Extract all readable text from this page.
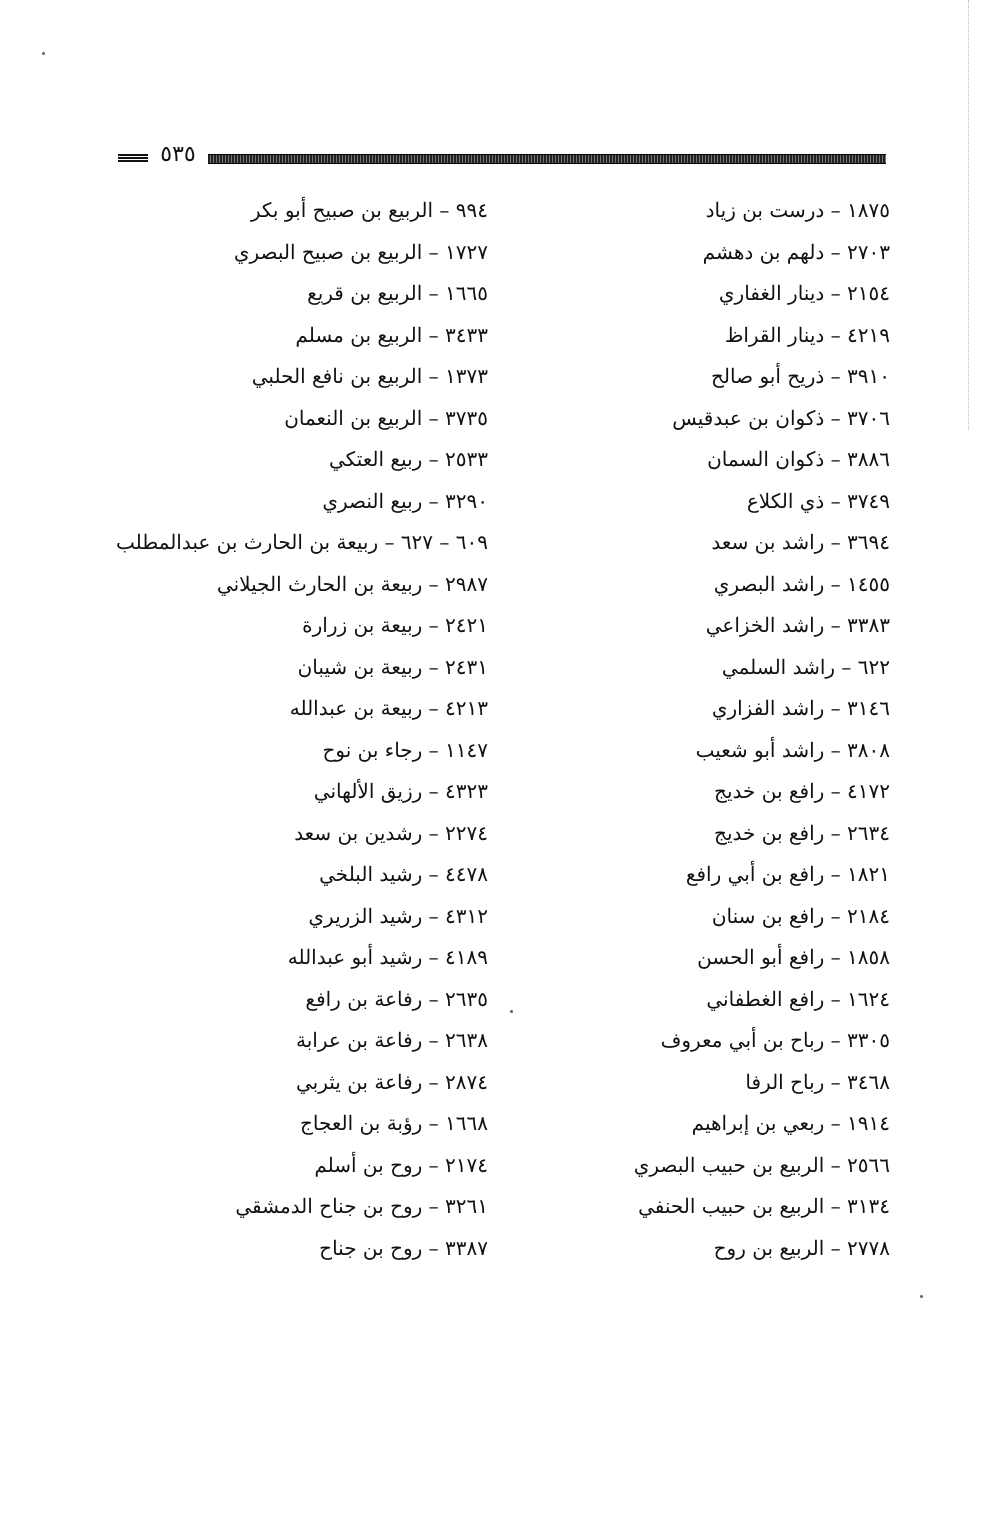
٥٣٥
١٨٧٥ – درست بن زياد
٢٧٠٣ – دلهم بن دهشم
٢١٥٤ – دينار الغفاري
٤٢١٩ – دينار القراظ
٣٩١٠ – ذريح أبو صالح
٣٧٠٦ – ذكوان بن عبدقيس
٣٨٨٦ – ذكوان السمان
٣٧٤٩ – ذي الكلاع
٣٦٩٤ – راشد بن سعد
١٤٥٥ – راشد البصري
٣٣٨٣ – راشد الخزاعي
٦٢٢ – راشد السلمي
٣١٤٦ – راشد الفزاري
٣٨٠٨ – راشد أبو شعيب
٤١٧٢ – رافع بن خديج
٢٦٣٤ – رافع بن خديج
١٨٢١ – رافع بن أبي رافع
٢١٨٤ – رافع بن سنان
١٨٥٨ – رافع أبو الحسن
١٦٢٤ – رافع الغطفاني
٣٣٠٥ – رباح بن أبي معروف
٣٤٦٨ – رباح الرفا
١٩١٤ – ربعي بن إبراهيم
٢٥٦٦ – الربيع بن حبيب البصري
٣١٣٤ – الربيع بن حبيب الحنفي
٢٧٧٨ – الربيع بن روح
٩٩٤ – الربيع بن صبيح أبو بكر
١٧٢٧ – الربيع بن صبيح البصري
١٦٦٥ – الربيع بن قريع
٣٤٣٣ – الربيع بن مسلم
١٣٧٣ – الربيع بن نافع الحلبي
٣٧٣٥ – الربيع بن النعمان
٢٥٣٣ – ربيع العتكي
٣٢٩٠ – ربيع النصري
٦٠٩ – ٦٢٧ – ربيعة بن الحارث بن عبدالمطلب
٢٩٨٧ – ربيعة بن الحارث الجيلاني
٢٤٢١ – ربيعة بن زرارة
٢٤٣١ – ربيعة بن شيبان
٤٢١٣ – ربيعة بن عبدالله
١١٤٧ – رجاء بن نوح
٤٣٢٣ – رزيق الألهاني
٢٢٧٤ – رشدين بن سعد
٤٤٧٨ – رشيد البلخي
٤٣١٢ – رشيد الزريري
٤١٨٩ – رشيد أبو عبدالله
٢٦٣٥ – رفاعة بن رافع
٢٦٣٨ – رفاعة بن عرابة
٢٨٧٤ – رفاعة بن يثربي
١٦٦٨ – رؤبة بن العجاج
٢١٧٤ – روح بن أسلم
٣٢٦١ – روح بن جناح الدمشقي
٣٣٨٧ – روح بن جناح
